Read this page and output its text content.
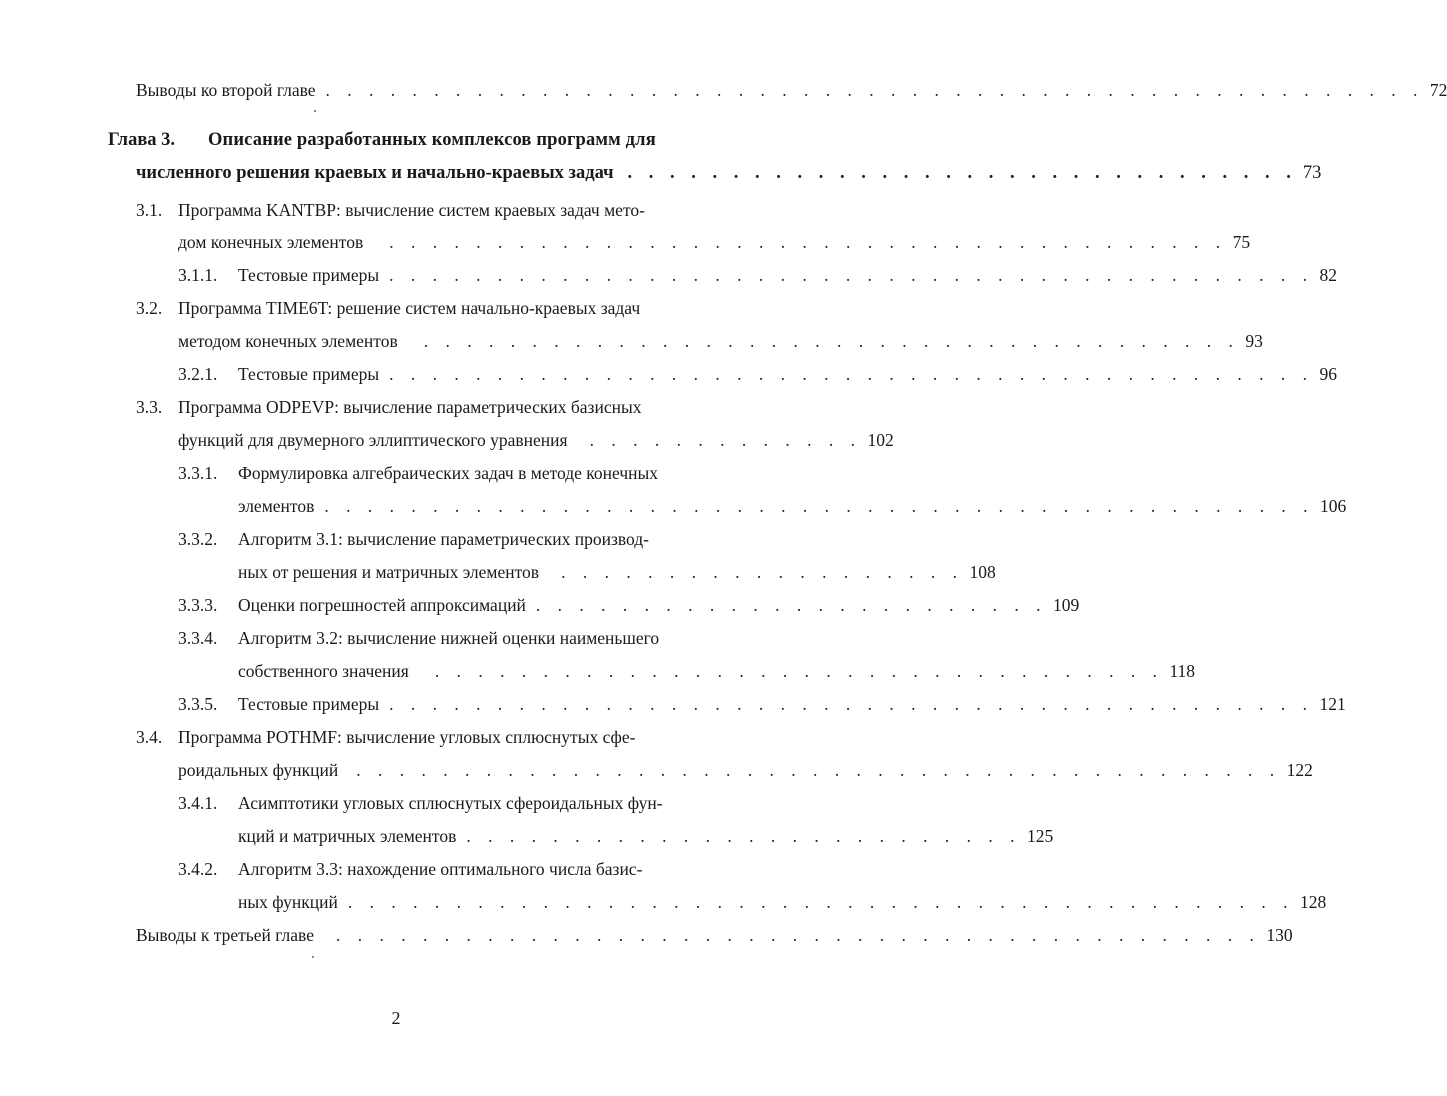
Выводы ко второй главе . . . . . . . . . . . . . . . . . . . . . . . . . . . . . . . . . . . . . . . . . . . . . . . . . . . 72
Глава 3.	Описание разработанных комплексов программ для
численного решения краевых и начально-краевых задач . . . . . . . . . . . . . . . . . . . . . . . . . . . . . . . . 73
3.1. Программа KANTBP: вычисление систем краевых задач мето-
дом конечных элементов . . . . . . . . . . . . . . . . . . . . . . . . . . . . . . . . . . . . . . . 75
3.1.1.	Тестовые примеры . . . . . . . . . . . . . . . . . . . . . . . . . . . . . . . . . . . . . . . . . . . 82
3.2. Программа TIME6T: решение систем начально-краевых задач
методом конечных элементов . . . . . . . . . . . . . . . . . . . . . . . . . . . . . . . . . . . . . . 93
3.2.1.	Тестовые примеры . . . . . . . . . . . . . . . . . . . . . . . . . . . . . . . . . . . . . . . . . . . 96
3.3. Программа ODPEVP: вычисление параметрических базисных
функций для двумерного эллиптического уравнения . . . . . . . . . . . . . 102
3.3.1.	Формулировка алгебраических задач в методе конечных
элементов . . . . . . . . . . . . . . . . . . . . . . . . . . . . . . . . . . . . . . . . . . . . . . 106
3.3.2.	Алгоритм 3.1: вычисление параметрических производ-
ных от решения и матричных элементов . . . . . . . . . . . . . . . . . . . 108
3.3.3.	Оценки погрешностей аппроксимаций . . . . . . . . . . . . . . . . . . . . . . . . 109
3.3.4.	Алгоритм 3.2: вычисление нижней оценки наименьшего
собственного значения . . . . . . . . . . . . . . . . . . . . . . . . . . . . . . . . . . 118
3.3.5.	Тестовые примеры . . . . . . . . . . . . . . . . . . . . . . . . . . . . . . . . . . . . . . . . . . . 121
3.4. Программа POTHMF: вычисление угловых сплюснутых сфе-
роидальных функций . . . . . . . . . . . . . . . . . . . . . . . . . . . . . . . . . . . . . . . . . . . 122
3.4.1.	Асимптотики угловых сплюснутых сфероидальных фун-
кций и матричных элементов . . . . . . . . . . . . . . . . . . . . . . . . . . 125
3.4.2.	Алгоритм 3.3: нахождение оптимального числа базис-
ных функций . . . . . . . . . . . . . . . . . . . . . . . . . . . . . . . . . . . . . . . . . . . . 128
Выводы к третьей главе . . . . . . . . . . . . . . . . . . . . . . . . . . . . . . . . . . . . . . . . . . . 130
2
